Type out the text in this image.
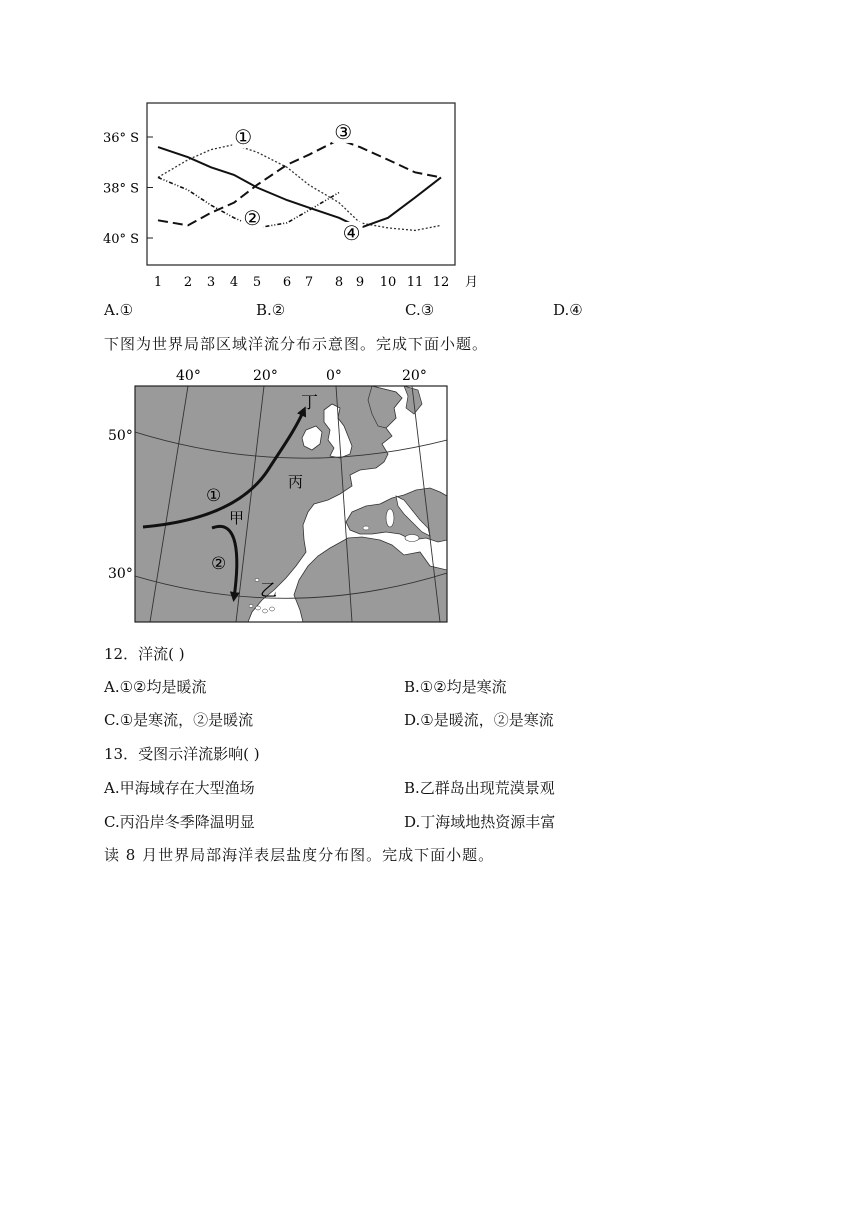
36° S
38° S
40° S
1 2 3 4 5 6 7 8 9 10 11 12 月
①
②
③
④
A.①	B.②	C.③	D.④
下图为世界局部区域洋流分布示意图。完成下面小题。
40°	20°	0°	20°
50°
30°
①
②
丁
丙
甲
乙
12．洋流( )
A.①②均是暖流	B.①②均是寒流
C.①是寒流，②是暖流	D.①是暖流，②是寒流
13．受图示洋流影响( )
A.甲海域存在大型渔场	B.乙群岛出现荒漠景观
C.丙沿岸冬季降温明显	D.丁海域地热资源丰富
读 8 月世界局部海洋表层盐度分布图。完成下面小题。
